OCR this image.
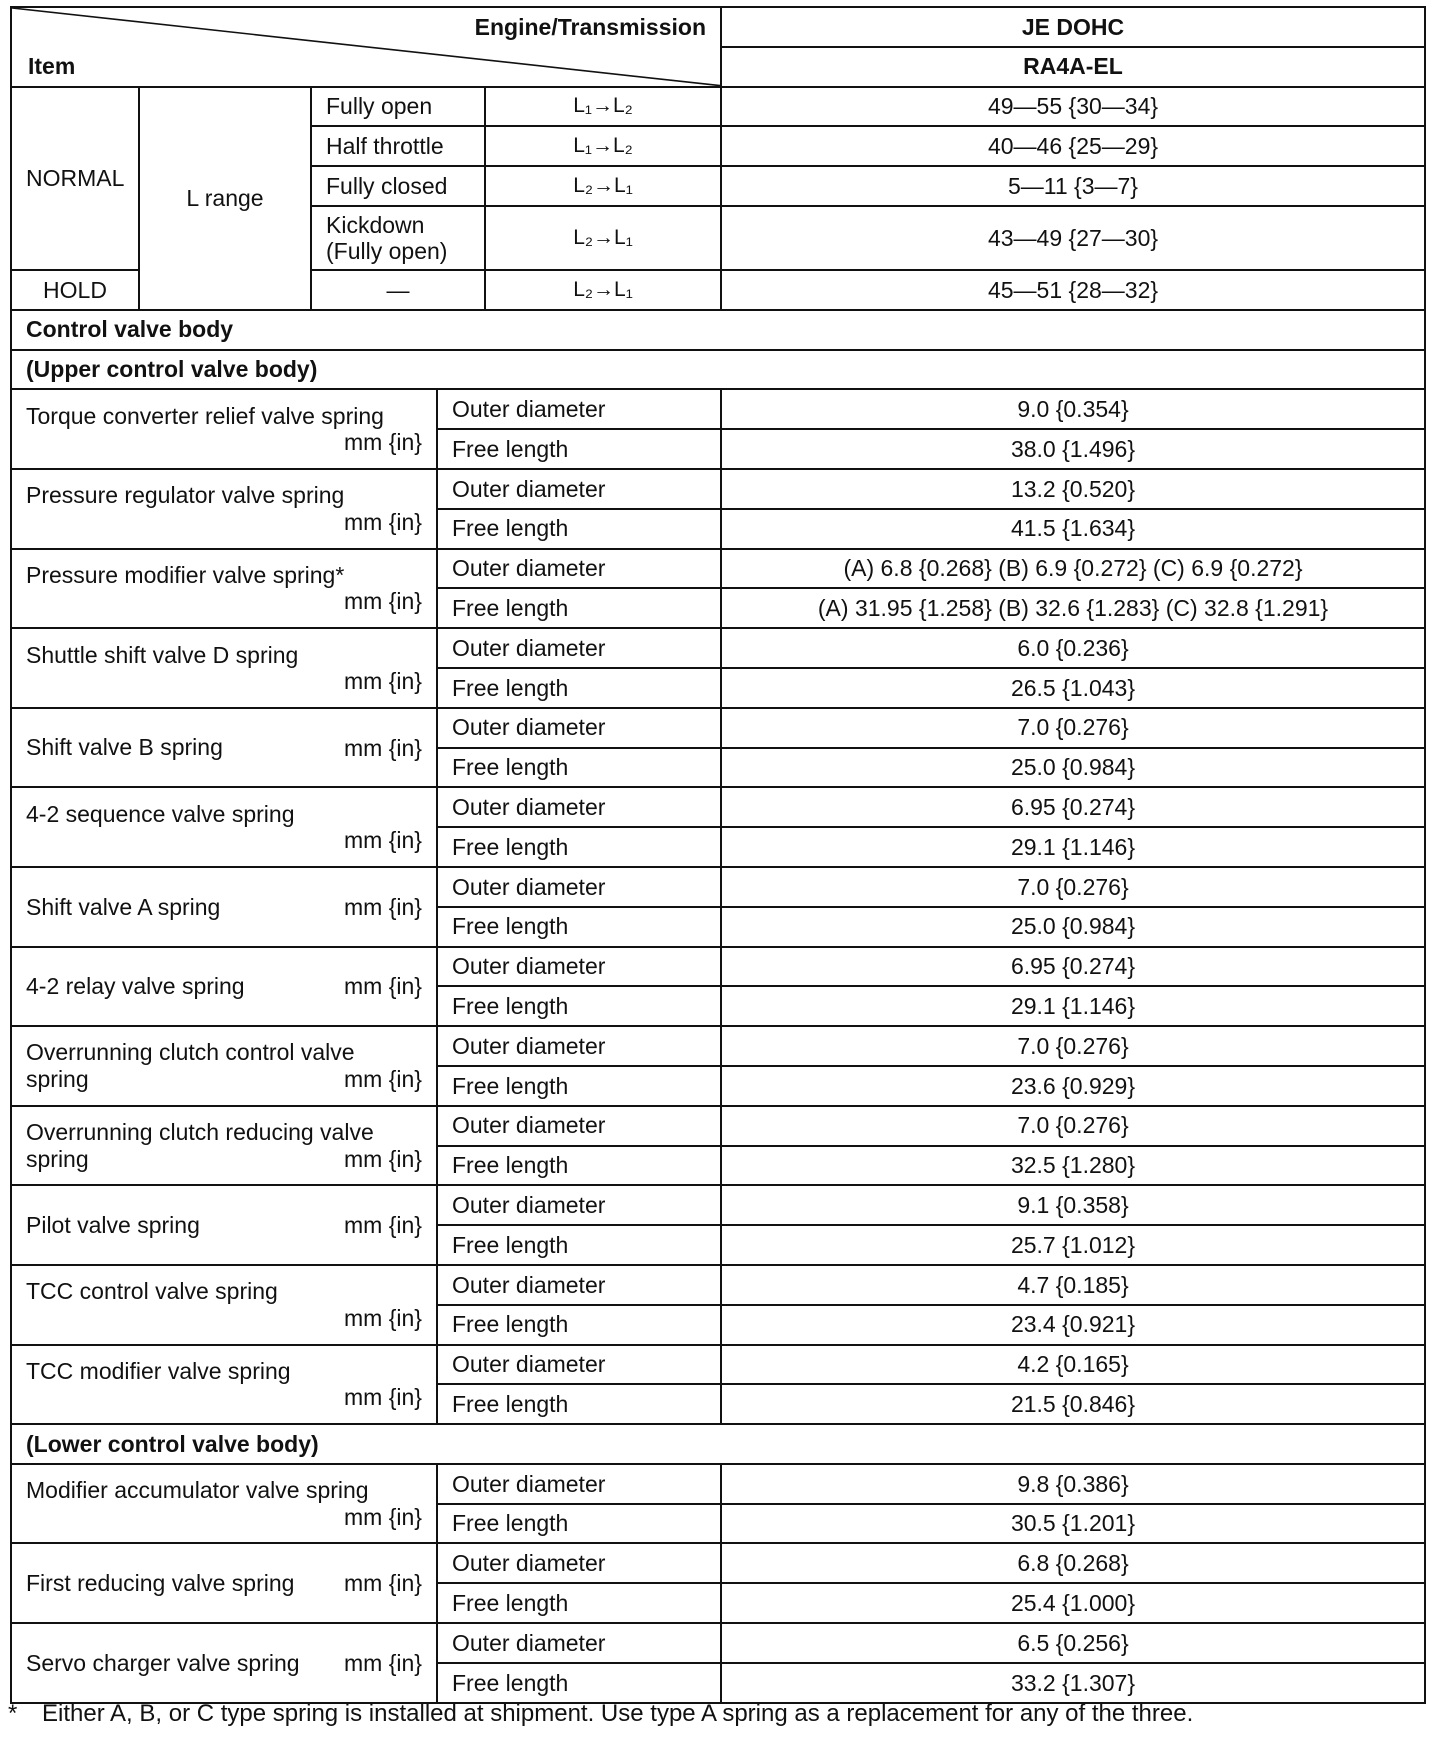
Engine/Transmission
Item					JE DOHC
					RA4A-EL
NORMAL	L range	Fully open		L₁→L₂	49—55 {30—34}
		Half throttle		L₁→L₂	40—46 {25—29}
		Fully closed		L₂→L₁	5—11 {3—7}

		Kickdown
(Fully open)		L₂→L₁	43—49 {27—30}
HOLD		—		L₂→L₁	45—51 {28—32}
Control valve body					
(Upper control valve body)					

Torque converter relief valve spring
mm {in}			Outer diameter		9.0 {0.354}
			Free length		38.0 {1.496}

Pressure regulator valve spring
mm {in}			Outer diameter		13.2 {0.520}
			Free length		41.5 {1.634}

Pressure modifier valve spring*
mm {in}			Outer diameter		(A) 6.8 {0.268} (B) 6.9 {0.272} (C) 6.9 {0.272}
			Free length		(A) 31.95 {1.258} (B) 32.6 {1.283} (C) 32.8 {1.291}

Shuttle shift valve D spring
mm {in}			Outer diameter		6.0 {0.236}
			Free length		26.5 {1.043}
Shift valve B spring mm {in}			Outer diameter		7.0 {0.276}
			Free length		25.0 {0.984}

4-2 sequence valve spring
mm {in}			Outer diameter		6.95 {0.274}
			Free length		29.1 {1.146}
Shift valve A spring mm {in}			Outer diameter		7.0 {0.276}
			Free length		25.0 {0.984}
4-2 relay valve spring mm {in}			Outer diameter		6.95 {0.274}
			Free length		29.1 {1.146}

Overrunning clutch control valve
spring mm {in}			Outer diameter		7.0 {0.276}
			Free length		23.6 {0.929}

Overrunning clutch reducing valve
spring mm {in}			Outer diameter		7.0 {0.276}
			Free length		32.5 {1.280}
Pilot valve spring mm {in}			Outer diameter		9.1 {0.358}
			Free length		25.7 {1.012}

TCC control valve spring
mm {in}			Outer diameter		4.7 {0.185}
			Free length		23.4 {0.921}

TCC modifier valve spring
mm {in}			Outer diameter		4.2 {0.165}
			Free length		21.5 {0.846}
(Lower control valve body)					

Modifier accumulator valve spring
mm {in}			Outer diameter		9.8 {0.386}
			Free length		30.5 {1.201}
First reducing valve spring mm {in}			Outer diameter		6.8 {0.268}
			Free length		25.4 {1.000}
Servo charger valve spring mm {in}			Outer diameter		6.5 {0.256}
			Free length		33.2 {1.307}
* Either A, B, or C type spring is installed at shipment. Use type A spring as a replacement for any of the three.
